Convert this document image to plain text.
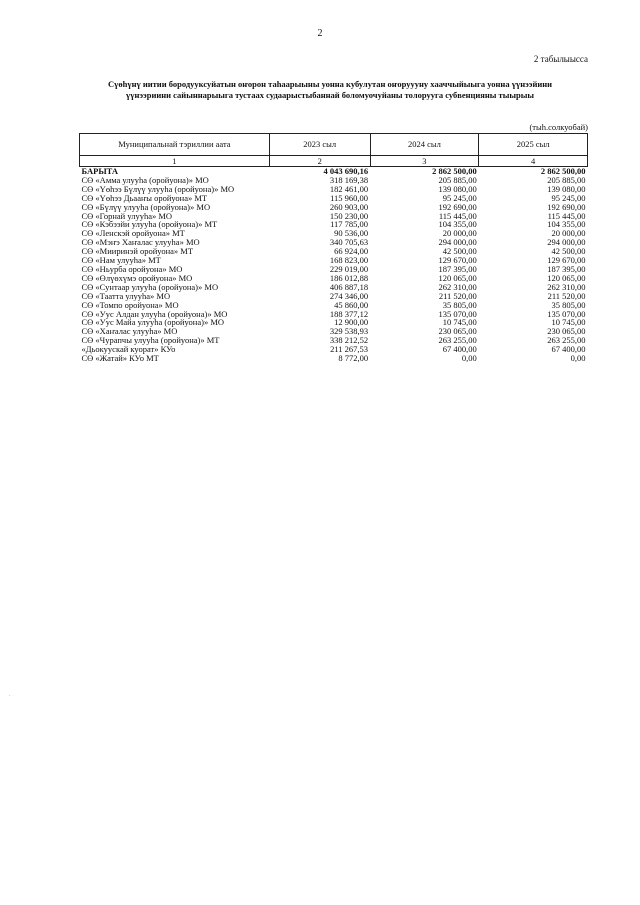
2
2 табылыысса
Сүөһүнү иитии бородууксуйатын оҥорон таһаарыыны уонна кубулутан оҥоруууну хааччыйыыга уонна үүнээйини
үүнээриини сайыннарыыга тустаах судаарыстыбаннай боломуочуйаны толорууга субвенцияны тыырыы
(тыһ.солкуобай)
Муниципальнай тэриллии аата	2023 сыл	2024 сыл	2025 сыл
1	2	3	4
БАРЫТА	4 043 690,16	2 862 500,00	2 862 500,00
СӨ «Амма улууһа (оройуона)» МО	318 169,38	205 885,00	205 885,00
СӨ «Үөһээ Бүлүү улууһа (оройуона)» МО	182 461,00	139 080,00	139 080,00
СӨ «Үөһээ Дьааҥы оройуона» МТ	115 960,00	95 245,00	95 245,00
СӨ «Бүлүү улууһа (оройуона)» МО	260 903,00	192 690,00	192 690,00
СӨ «Горнай улууһа» МО	150 230,00	115 445,00	115 445,00
СӨ «Кэбээйи улууһа (оройуона)» МТ	117 785,00	104 355,00	104 355,00
СӨ «Ленскэй оройуона» МТ	90 536,00	20 000,00	20 000,00
СӨ «Мэҥэ Хаҥалас улууһа» МО	340 705,63	294 000,00	294 000,00
СӨ «Мииринэй оройуона» МТ	66 924,00	42 500,00	42 500,00
СӨ «Нам улууһа» МТ	168 823,00	129 670,00	129 670,00
СӨ «Ньурба оройуона» МО	229 019,00	187 395,00	187 395,00
СӨ «Өлүөхүмэ оройуона» МО	186 012,88	120 065,00	120 065,00
СӨ «Сунтаар улууһа (оройуона)» МО	406 887,18	262 310,00	262 310,00
СӨ «Таатта улууһа» МО	274 346,00	211 520,00	211 520,00
СӨ «Томпо оройуона» МО	45 860,00	35 805,00	35 805,00
СӨ «Уус Алдан улууһа (оройуона)» МО	188 377,12	135 070,00	135 070,00
СӨ «Уус Майа улууһа (оройуона)» МО	12 900,00	10 745,00	10 745,00
СӨ «Хаҥалас улууһа» МО	329 538,93	230 065,00	230 065,00
СӨ «Чурапчы улууһа (оройуона)» МТ	338 212,52	263 255,00	263 255,00
«Дьокуускай куорат» КУо	211 267,53	67 400,00	67 400,00
СӨ «Жатай» КУо МТ	8 772,00	0,00	0,00
.
